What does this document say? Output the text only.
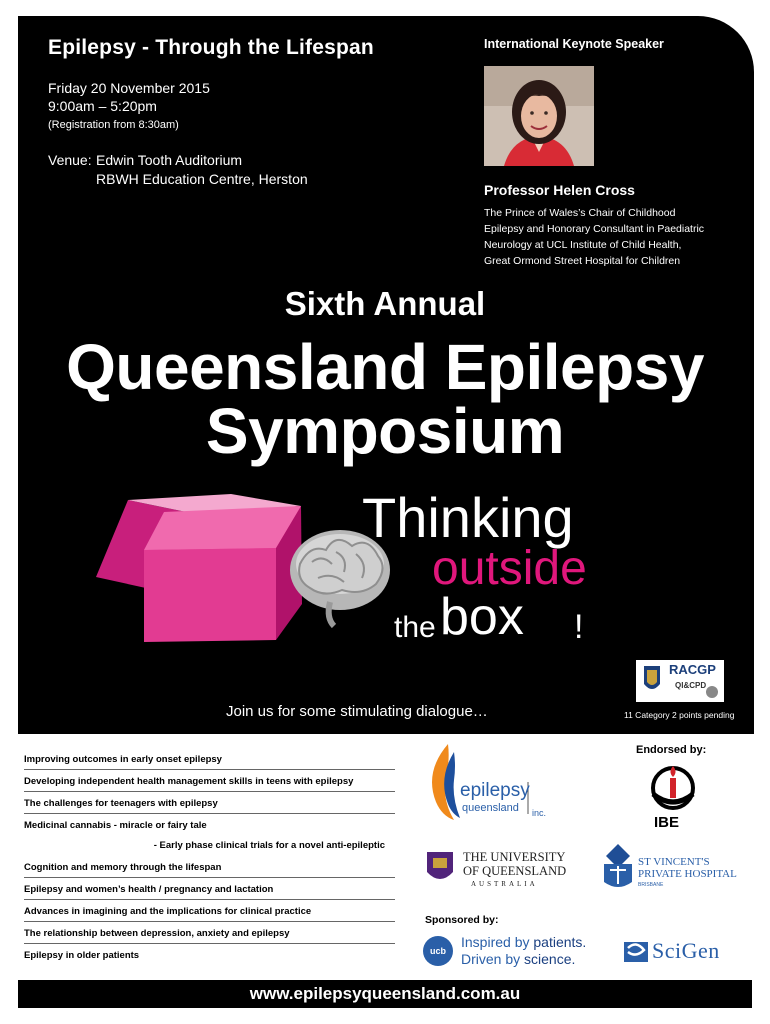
Epilepsy - Through the Lifespan
Friday 20 November 2015
9:00am – 5:20pm
(Registration from 8:30am)
Venue: Edwin Tooth Auditorium
RBWH Education Centre, Herston
International Keynote Speaker
Professor Helen Cross
The Prince of Wales’s Chair of Childhood
Epilepsy and Honorary Consultant in Paediatric
Neurology at UCL Institute of Child Health,
Great Ormond Street Hospital for Children
Sixth Annual
Queensland Epilepsy
Symposium
Thinking
outside
the box !
RACGP
QI&CPD
11 Category 2 points pending
Join us for some stimulating dialogue…
Improving outcomes in early onset epilepsy
Developing independent health management skills in teens with epilepsy
The challenges for teenagers with epilepsy
Medicinal cannabis - miracle or fairy tale
- Early phase clinical trials for a novel anti-epileptic
Cognition and memory through the lifespan
Epilepsy and women’s health / pregnancy and lactation
Advances in imagining and the implications for clinical practice
The relationship between depression, anxiety and epilepsy
Epilepsy in older patients
Endorsed by:
epilepsy
queensland inc.
IBE
THE UNIVERSITY
OF QUEENSLAND
AUSTRALIA
ST VINCENT'S
PRIVATE HOSPITAL
BRISBANE
Sponsored by:
ucb
Inspired by patients.
Driven by science.	SciGen
www.epilepsyqueensland.com.au
